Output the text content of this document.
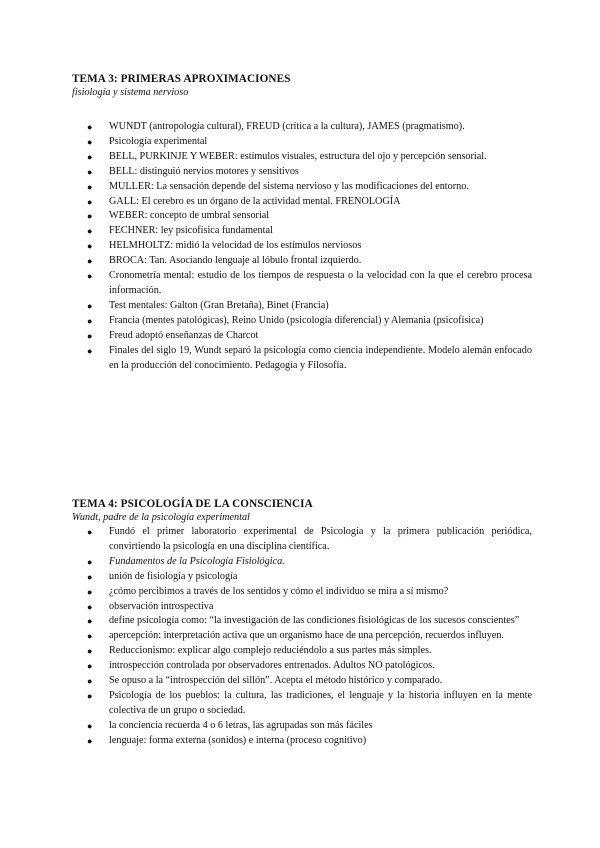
TEMA 3: PRIMERAS APROXIMACIONES

fisiología y sistema nervioso

● WUNDT (antropología cultural), FREUD (crítica a la cultura), JAMES (pragmatismo).
● Psicología experimental
● BELL, PURKINJE Y WEBER: estímulos visuales, estructura del ojo y percepción sensorial.
● BELL: distinguió nervios motores y sensitivos
● MULLER: La sensación depende del sistema nervioso y las modificaciones del entorno.
● GALL: El cerebro es un órgano de la actividad mental. FRENOLOGÍA
● WEBER: concepto de umbral sensorial
● FECHNER: ley psicofísica fundamental
● HELMHOLTZ: midió la velocidad de los estímulos nerviosos
● BROCA: Tan. Asociando lenguaje al lóbulo frontal izquierdo.
● Cronometría mental: estudio de los tiempos de respuesta o la velocidad con la que el cerebro procesa información.
● Test mentales: Galton (Gran Bretaña), Binet (Francia)
● Francia (mentes patológicas), Reino Unido (psicología diferencial) y Alemania (psicofísica)
● Freud adoptó enseñanzas de Charcot
● Finales del siglo 19, Wundt separó la psicología como ciencia independiente. Modelo alemán enfocado en la producción del conocimiento. Pedagogía y Filosofía.
TEMA 4: PSICOLOGÍA DE LA CONSCIENCIA

Wundt, padre de la psicología experimental

● Fundó el primer laboratorio experimental de Psicología y la primera publicación periódica, convirtiendo la psicología en una disciplina científica.
● Fundamentos de la Psicología Fisiológica.
● unión de fisiología y psicología
● ¿cómo percibimos a través de los sentidos y cómo el individuo se mira a sí mismo?
● observación introspectiva
● define psicología como: “la investigación de las condiciones fisiológicas de los sucesos conscientes”
● apercepción: interpretación activa que un organismo hace de una percepción, recuerdos influyen.
● Reduccionismo: explicar algo complejo reduciéndolo a sus partes más simples.
● introspección controlada por observadores entrenados. Adultos NO patológicos.
● Se opuso a la “introspección del sillón”. Acepta el método histórico y comparado.
● Psicología de los pueblos: la cultura, las tradiciones, el lenguaje y la historia influyen en la mente colectiva de un grupo o sociedad.
● la conciencia recuerda 4 o 6 letras, las agrupadas son más fáciles
● lenguaje: forma externa (sonidos) e interna (proceso cognitivo)
